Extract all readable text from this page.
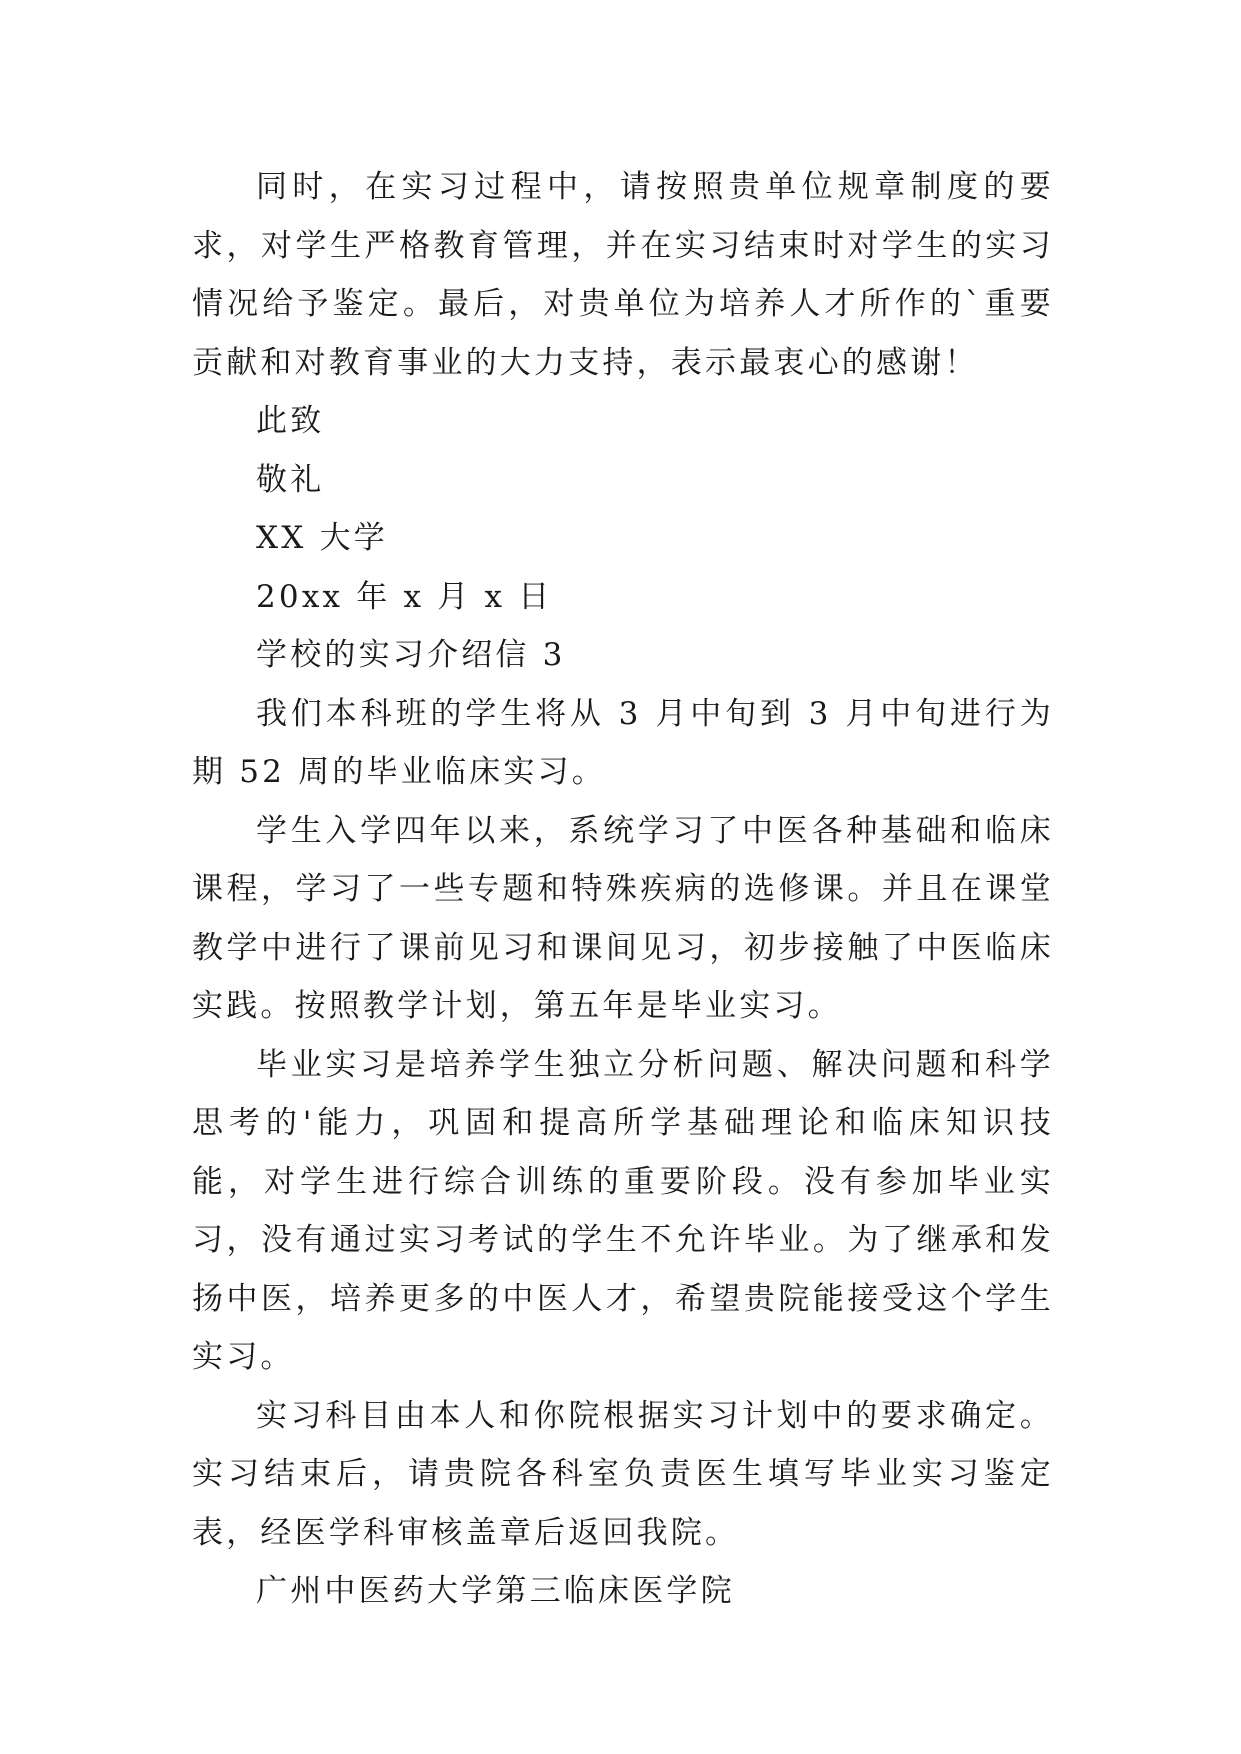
同时，在实习过程中，请按照贵单位规章制度的要求，对学生严格教育管理，并在实习结束时对学生的实习情况给予鉴定。最后，对贵单位为培养人才所作的`重要贡献和对教育事业的大力支持，表示最衷心的感谢！

此致

敬礼

XX 大学

20xx 年 x 月 x 日

学校的实习介绍信 3

我们本科班的学生将从 3 月中旬到 3 月中旬进行为期 52 周的毕业临床实习。

学生入学四年以来，系统学习了中医各种基础和临床课程，学习了一些专题和特殊疾病的选修课。并且在课堂教学中进行了课前见习和课间见习，初步接触了中医临床实践。按照教学计划，第五年是毕业实习。

毕业实习是培养学生独立分析问题、解决问题和科学思考的'能力，巩固和提高所学基础理论和临床知识技能，对学生进行综合训练的重要阶段。没有参加毕业实习，没有通过实习考试的学生不允许毕业。为了继承和发扬中医，培养更多的中医人才，希望贵院能接受这个学生实习。

实习科目由本人和你院根据实习计划中的要求确定。实习结束后，请贵院各科室负责医生填写毕业实习鉴定表，经医学科审核盖章后返回我院。

广州中医药大学第三临床医学院
